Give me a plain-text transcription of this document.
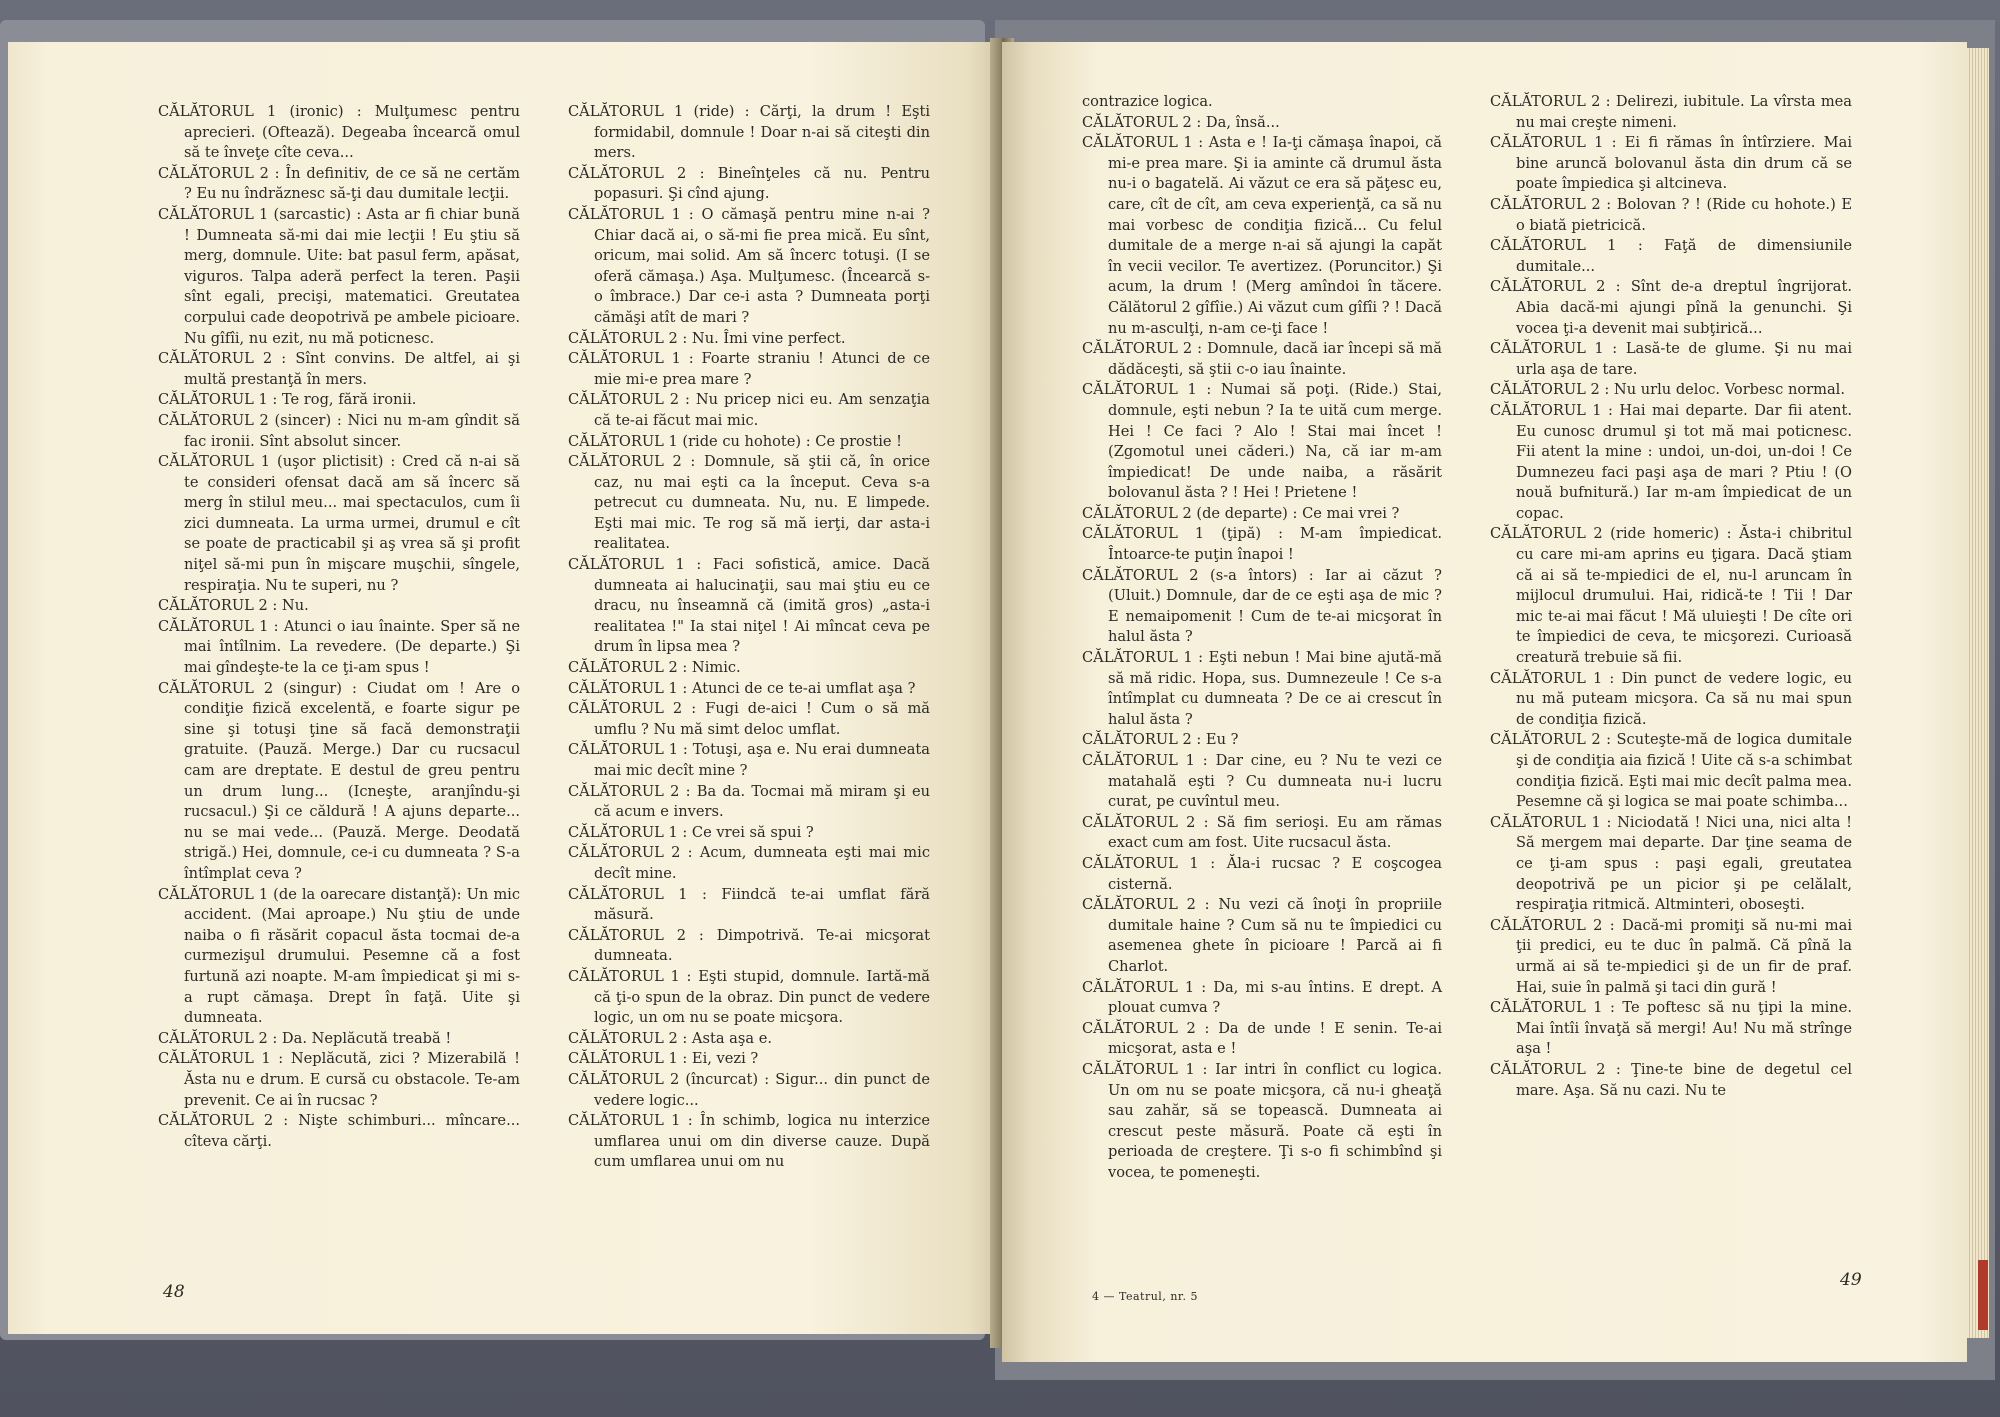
CĂLĂTORUL 1 (ironic) : Mulţumesc pentru aprecieri. (Oftează). Degeaba încearcă omul să te înveţe cîte ceva...

CĂLĂTORUL 2 : În definitiv, de ce să ne certăm ? Eu nu îndrăznesc să-ţi dau dumitale lecţii.

CĂLĂTORUL 1 (sarcastic) : Asta ar fi chiar bună ! Dumneata să-mi dai mie lecţii ! Eu ştiu să merg, domnule. Uite: bat pasul ferm, apăsat, viguros. Talpa aderă perfect la teren. Paşii sînt egali, precişi, matematici. Greutatea corpului cade deopotrivă pe ambele picioare. Nu gîfîi, nu ezit, nu mă poticnesc.

CĂLĂTORUL 2 : Sînt convins. De altfel, ai şi multă prestanţă în mers.

CĂLĂTORUL 1 : Te rog, fără ironii.

CĂLĂTORUL 2 (sincer) : Nici nu m-am gîndit să fac ironii. Sînt absolut sincer.

CĂLĂTORUL 1 (uşor plictisit) : Cred că n-ai să te consideri ofensat dacă am să încerc să merg în stilul meu... mai spectaculos, cum îi zici dumneata. La urma urmei, drumul e cît se poate de practicabil şi aş vrea să şi profit niţel să-mi pun în mişcare muşchii, sîngele, respiraţia. Nu te superi, nu ?

CĂLĂTORUL 2 : Nu.

CĂLĂTORUL 1 : Atunci o iau înainte. Sper să ne mai întîlnim. La revedere. (De departe.) Şi mai gîndeşte-te la ce ţi-am spus !

CĂLĂTORUL 2 (singur) : Ciudat om ! Are o condiţie fizică excelentă, e foarte sigur pe sine şi totuşi ţine să facă demonstraţii gratuite. (Pauză. Merge.) Dar cu rucsacul cam are dreptate. E destul de greu pentru un drum lung... (Icneşte, aranjîndu-şi rucsacul.) Şi ce căldură ! A ajuns departe... nu se mai vede... (Pauză. Merge. Deodată strigă.) Hei, domnule, ce-i cu dumneata ? S-a întîmplat ceva ?

CĂLĂTORUL 1 (de la oarecare distanţă): Un mic accident. (Mai aproape.) Nu ştiu de unde naiba o fi răsărit copacul ăsta tocmai de-a curmezişul drumului. Pesemne că a fost furtună azi noapte. M-am împiedicat şi mi s-a rupt cămaşa. Drept în faţă. Uite şi dumneata.

CĂLĂTORUL 2 : Da. Neplăcută treabă !

CĂLĂTORUL 1 : Neplăcută, zici ? Mizerabilă ! Ăsta nu e drum. E cursă cu obstacole. Te-am prevenit. Ce ai în rucsac ?

CĂLĂTORUL 2 : Nişte schimburi... mîncare... cîteva cărţi.

CĂLĂTORUL 1 (ride) : Cărţi, la drum ! Eşti formidabil, domnule ! Doar n-ai să citeşti din mers.

CĂLĂTORUL 2 : Bineînţeles că nu. Pentru popasuri. Şi cînd ajung.

CĂLĂTORUL 1 : O cămaşă pentru mine n-ai ? Chiar dacă ai, o să-mi fie prea mică. Eu sînt, oricum, mai solid. Am să încerc totuşi. (I se oferă cămaşa.) Aşa. Mulţumesc. (Încearcă s-o îmbrace.) Dar ce-i asta ? Dumneata porţi cămăşi atît de mari ?

CĂLĂTORUL 2 : Nu. Îmi vine perfect.

CĂLĂTORUL 1 : Foarte straniu ! Atunci de ce mie mi-e prea mare ?

CĂLĂTORUL 2 : Nu pricep nici eu. Am senzaţia că te-ai făcut mai mic.

CĂLĂTORUL 1 (ride cu hohote) : Ce prostie !

CĂLĂTORUL 2 : Domnule, să ştii că, în orice caz, nu mai eşti ca la început. Ceva s-a petrecut cu dumneata. Nu, nu. E limpede. Eşti mai mic. Te rog să mă ierţi, dar asta-i realitatea.

CĂLĂTORUL 1 : Faci sofistică, amice. Dacă dumneata ai halucinaţii, sau mai ştiu eu ce dracu, nu înseamnă că (imită gros) „asta-i realitatea !" Ia stai niţel ! Ai mîncat ceva pe drum în lipsa mea ?

CĂLĂTORUL 2 : Nimic.

CĂLĂTORUL 1 : Atunci de ce te-ai umflat aşa ?

CĂLĂTORUL 2 : Fugi de-aici ! Cum o să mă umflu ? Nu mă simt deloc umflat.

CĂLĂTORUL 1 : Totuşi, aşa e. Nu erai dumneata mai mic decît mine ?

CĂLĂTORUL 2 : Ba da. Tocmai mă miram şi eu că acum e invers.

CĂLĂTORUL 1 : Ce vrei să spui ?

CĂLĂTORUL 2 : Acum, dumneata eşti mai mic decît mine.

CĂLĂTORUL 1 : Fiindcă te-ai umflat fără măsură.

CĂLĂTORUL 2 : Dimpotrivă. Te-ai micşorat dumneata.

CĂLĂTORUL 1 : Eşti stupid, domnule. Iartă-mă că ţi-o spun de la obraz. Din punct de vedere logic, un om nu se poate micşora.

CĂLĂTORUL 2 : Asta aşa e.

CĂLĂTORUL 1 : Ei, vezi ?

CĂLĂTORUL 2 (încurcat) : Sigur... din punct de vedere logic...

CĂLĂTORUL 1 : În schimb, logica nu interzice umflarea unui om din diverse cauze. După cum umflarea unui om nu

48

contrazice logica.

CĂLĂTORUL 2 : Da, însă...

CĂLĂTORUL 1 : Asta e ! Ia-ţi cămaşa înapoi, că mi-e prea mare. Şi ia aminte că drumul ăsta nu-i o bagatelă. Ai văzut ce era să păţesc eu, care, cît de cît, am ceva experienţă, ca să nu mai vorbesc de condiţia fizică... Cu felul dumitale de a merge n-ai să ajungi la capăt în vecii vecilor. Te avertizez. (Poruncitor.) Şi acum, la drum ! (Merg amîndoi în tăcere. Călătorul 2 gîfîie.) Ai văzut cum gîfîi ? ! Dacă nu m-asculţi, n-am ce-ţi face !

CĂLĂTORUL 2 : Domnule, dacă iar începi să mă dădăceşti, să ştii c-o iau înainte.

CĂLĂTORUL 1 : Numai să poţi. (Ride.) Stai, domnule, eşti nebun ? Ia te uită cum merge. Hei ! Ce faci ? Alo ! Stai mai încet ! (Zgomotul unei căderi.) Na, că iar m-am împiedicat! De unde naiba, a răsărit bolovanul ăsta ? ! Hei ! Prietene !

CĂLĂTORUL 2 (de departe) : Ce mai vrei ?

CĂLĂTORUL 1 (ţipă) : M-am împiedicat. Întoarce-te puţin înapoi !

CĂLĂTORUL 2 (s-a întors) : Iar ai căzut ? (Uluit.) Domnule, dar de ce eşti aşa de mic ? E nemaipomenit ! Cum de te-ai micşorat în halul ăsta ?

CĂLĂTORUL 1 : Eşti nebun ! Mai bine ajută-mă să mă ridic. Hopa, sus. Dumnezeule ! Ce s-a întîmplat cu dumneata ? De ce ai crescut în halul ăsta ?

CĂLĂTORUL 2 : Eu ?

CĂLĂTORUL 1 : Dar cine, eu ? Nu te vezi ce matahală eşti ? Cu dumneata nu-i lucru curat, pe cuvîntul meu.

CĂLĂTORUL 2 : Să fim serioşi. Eu am rămas exact cum am fost. Uite rucsacul ăsta.

CĂLĂTORUL 1 : Ăla-i rucsac ? E coşcogea cisternă.

CĂLĂTORUL 2 : Nu vezi că înoţi în propriile dumitale haine ? Cum să nu te împiedici cu asemenea ghete în picioare ! Parcă ai fi Charlot.

CĂLĂTORUL 1 : Da, mi s-au întins. E drept. A plouat cumva ?

CĂLĂTORUL 2 : Da de unde ! E senin. Te-ai micşorat, asta e !

CĂLĂTORUL 1 : Iar intri în conflict cu logica. Un om nu se poate micşora, că nu-i gheaţă sau zahăr, să se topească. Dumneata ai crescut peste măsură. Poate că eşti în perioada de creştere. Ţi s-o fi schimbînd şi vocea, te pomeneşti.

CĂLĂTORUL 2 : Delirezi, iubitule. La vîrsta mea nu mai creşte nimeni.

CĂLĂTORUL 1 : Ei fi rămas în întîrziere. Mai bine aruncă bolovanul ăsta din drum că se poate împiedica şi altcineva.

CĂLĂTORUL 2 : Bolovan ? ! (Ride cu hohote.) E o biată pietricică.

CĂLĂTORUL 1 : Faţă de dimensiunile dumitale...

CĂLĂTORUL 2 : Sînt de-a dreptul îngrijorat. Abia dacă-mi ajungi pînă la genunchi. Şi vocea ţi-a devenit mai subţirică...

CĂLĂTORUL 1 : Lasă-te de glume. Şi nu mai urla aşa de tare.

CĂLĂTORUL 2 : Nu urlu deloc. Vorbesc normal.

CĂLĂTORUL 1 : Hai mai departe. Dar fii atent. Eu cunosc drumul şi tot mă mai poticnesc. Fii atent la mine : undoi, un-doi, un-doi ! Ce Dumnezeu faci paşi aşa de mari ? Ptiu ! (O nouă bufnitură.) Iar m-am împiedicat de un copac.

CĂLĂTORUL 2 (ride homeric) : Ăsta-i chibritul cu care mi-am aprins eu ţigara. Dacă ştiam că ai să te-mpiedici de el, nu-l aruncam în mijlocul drumului. Hai, ridică-te ! Tii ! Dar mic te-ai mai făcut ! Mă uluieşti ! De cîte ori te împiedici de ceva, te micşorezi. Curioasă creatură trebuie să fii.

CĂLĂTORUL 1 : Din punct de vedere logic, eu nu mă puteam micşora. Ca să nu mai spun de condiţia fizică.

CĂLĂTORUL 2 : Scuteşte-mă de logica dumitale şi de condiţia aia fizică ! Uite că s-a schimbat condiţia fizică. Eşti mai mic decît palma mea. Pesemne că şi logica se mai poate schimba...

CĂLĂTORUL 1 : Niciodată ! Nici una, nici alta ! Să mergem mai departe. Dar ţine seama de ce ţi-am spus : paşi egali, greutatea deopotrivă pe un picior şi pe celălalt, respiraţia ritmică. Altminteri, oboseşti.

CĂLĂTORUL 2 : Dacă-mi promiţi să nu-mi mai ţii predici, eu te duc în palmă. Că pînă la urmă ai să te-mpiedici şi de un fir de praf. Hai, suie în palmă şi taci din gură !

CĂLĂTORUL 1 : Te poftesc să nu ţipi la mine. Mai întîi învaţă să mergi! Au! Nu mă strînge aşa !

CĂLĂTORUL 2 : Ţine-te bine de degetul cel mare. Aşa. Să nu cazi. Nu te

4 — Teatrul, nr. 5
49
